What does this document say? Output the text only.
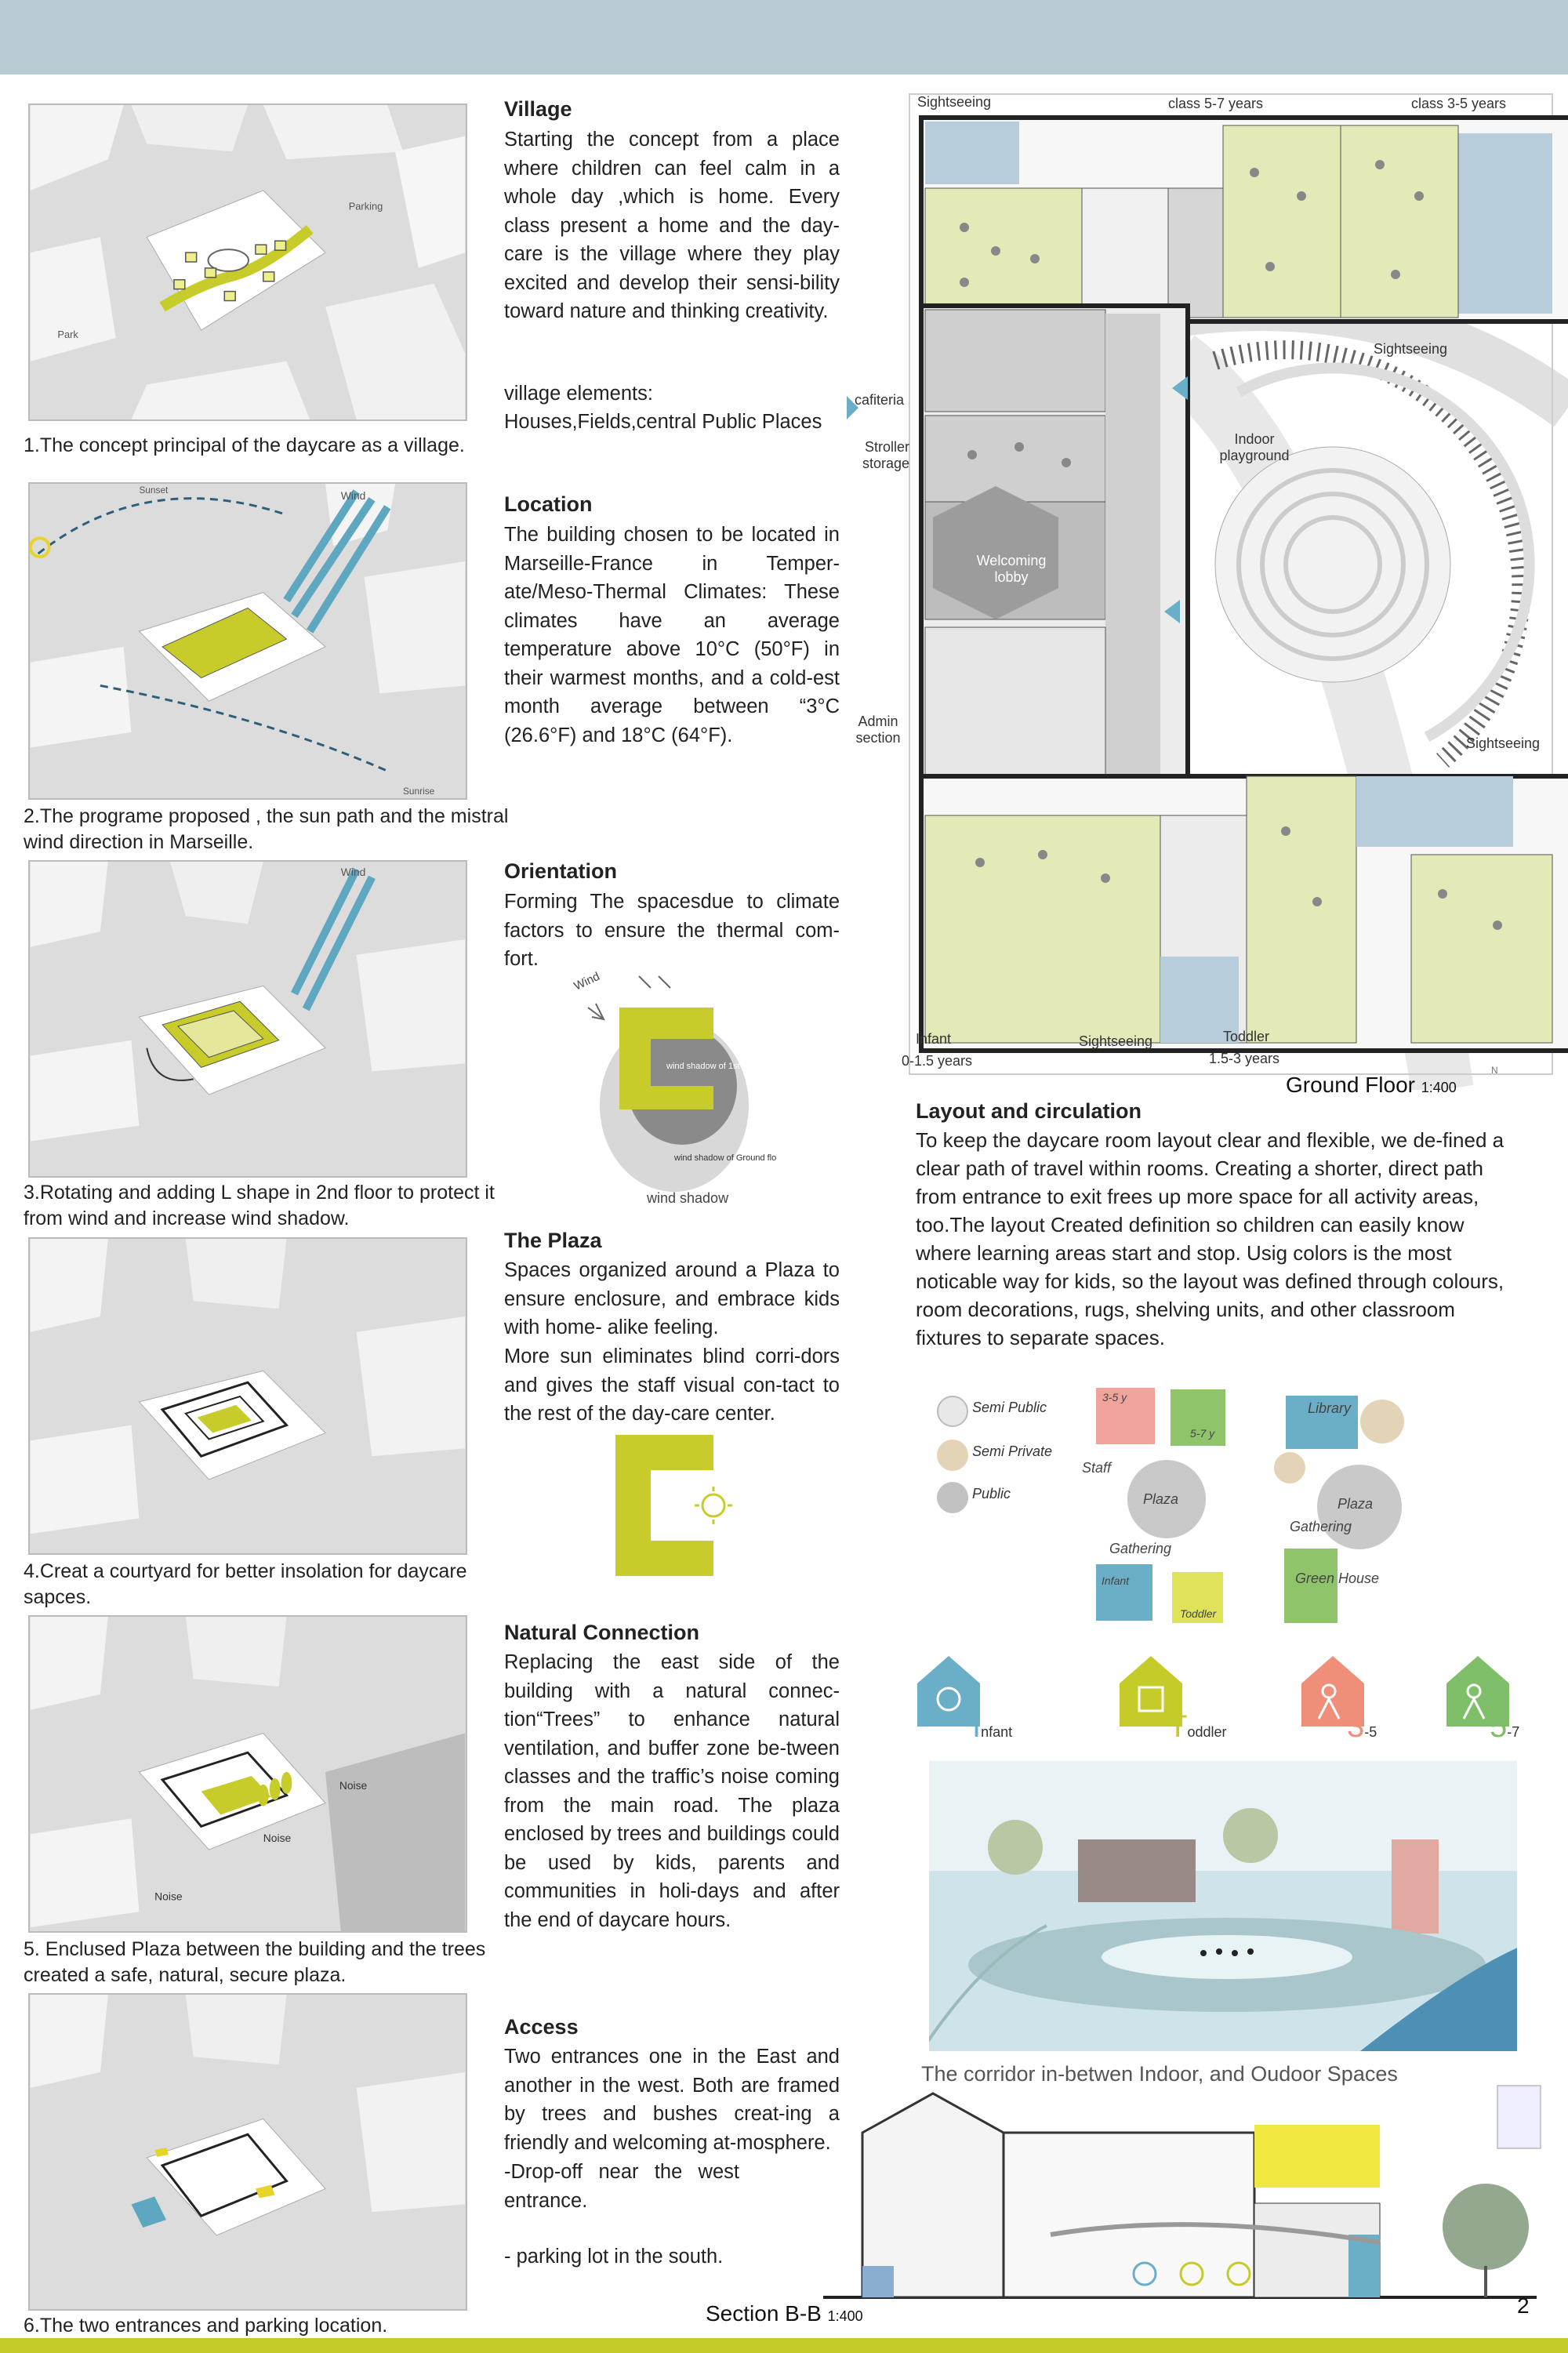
Parking
Park
1.The concept principal of the daycare as a village.
Sunset	Wind
Sunrise
2.The programe proposed , the sun path and the mistral wind direction in Marseille.
Wind
3.Rotating and adding L shape in 2nd floor to protect it from wind and increase wind shadow.
4.Creat a courtyard for better insolation for daycare sapces.
Noise
Noise
Noise
5. Enclused Plaza between the building and the trees created a safe, natural, secure plaza.
6.The two entrances and parking location.
Village
Starting the concept from a place where children can feel calm in a whole day ,which is home. Every class present a home and the day-care is the village where they play excited and develop their sensi-bility toward nature and thinking creativity.
village elements:
Houses,Fields,central Public Places
Location
The building chosen to be located in Marseille-France in Temper-ate/Meso-Thermal Climates: These climates have an average temperature above 10°C (50°F) in their warmest months, and a cold-est month average between “3°C (26.6°F) and 18°C (64°F).
Orientation
Forming The spacesdue to climate factors to ensure the thermal com-fort.
Wind
wind shadow of 1st floor
wind shadow of Ground floor
wind shadow
The Plaza
Spaces organized around a Plaza to ensure enclosure, and embrace kids with home- alike feeling.
More sun eliminates blind corri-dors and gives the staff visual con-tact to the rest of the day-care center.
Natural Connection
Replacing the east side of the building with a natural connec-tion“Trees” to enhance natural ventilation, and buffer zone be-tween classes and the traffic’s noise coming from the main road. The plaza enclosed by trees and buildings could be used by kids, parents and communities in holi-days and after the end of daycare hours.
Access
Two entrances one in the East and another in the west. Both are framed by trees and bushes creat-ing a friendly and welcoming at-mosphere.
-Drop-off near the west entrance.
- parking lot in the south.
Sightseeing	class 5-7 years	class 3-5 years
Sightseeing
cafiteria
Stroller storage
Indoor playground
Welcoming lobby
Admin section	Sightseeing
Infant
0-1.5 years
Sightseeing	Toddler
1.5-3 years
Ground Floor 1:400
N
Layout and circulation
To keep the daycare room layout clear and flexible, we de-fined a clear path of travel within rooms. Creating a shorter, direct path from entrance to exit frees up more space for all activity areas, too.The layout Created definition so children can easily know where learning areas start and stop. Usig colors is the most noticable way for kids, so the layout was defined through colours, room decorations, rugs, shelving units, and other classroom fixtures to separate spaces.
Semi Public
Semi Private
Public
3-5 y
5-7 y
Staff
Plaza
Gathering
Infant
Toddler
Library
Plaza
Gathering
Green House
Infant	Toddler	3-5	5-7
The corridor in-betwen Indoor, and Oudoor Spaces
Section B-B 1:400	2
